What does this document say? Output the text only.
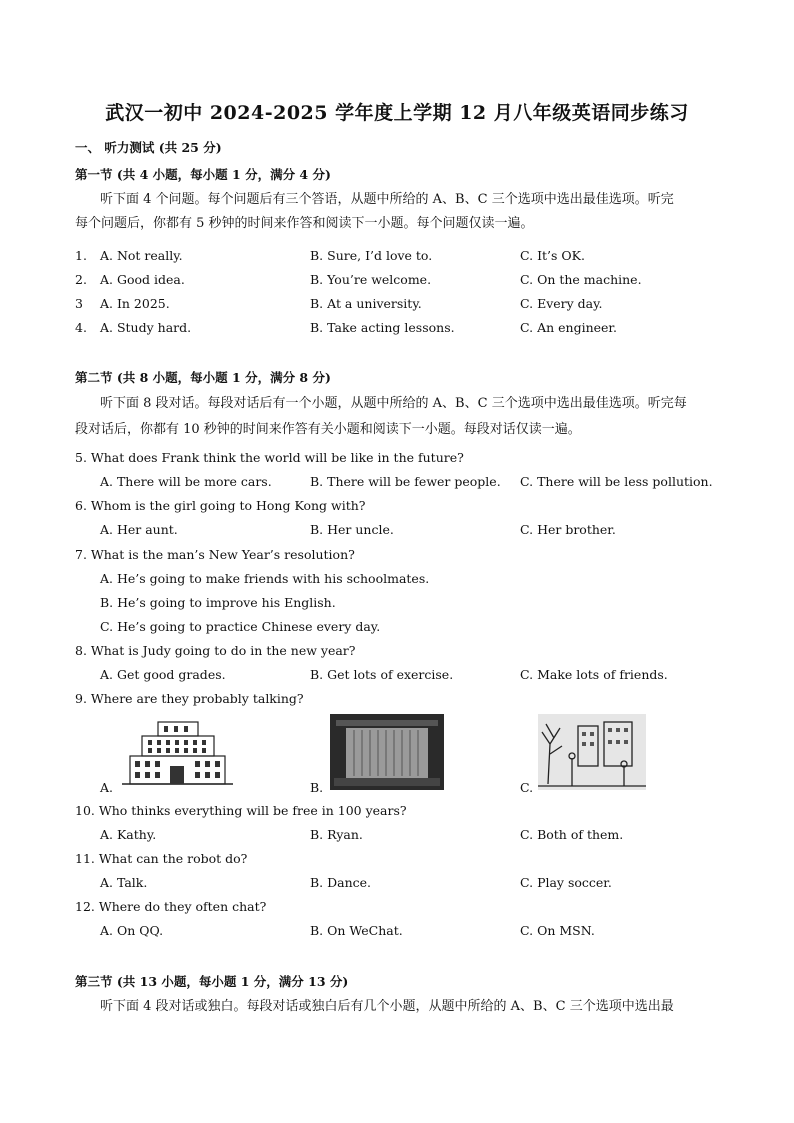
武汉一初中 2024-2025 学年度上学期 12 月八年级英语同步练习
一、 听力测试 (共 25 分)
第一节 (共 4 小题，每小题 1 分，满分 4 分)
听下面 4 个问题。每个问题后有三个答语，从题中所给的 A、B、C 三个选项中选出最佳选项。听完
每个问题后，你都有 5 秒钟的时间来作答和阅读下一小题。每个问题仅读一遍。
1. A. Not really.	B. Sure, I’d love to.	C. It’s OK.
2. A. Good idea.	B. You’re welcome.	C. On the machine.
3 A. In 2025.	B. At a university.	C. Every day.
4. A. Study hard.	B. Take acting lessons.	C. An engineer.
第二节 (共 8 小题，每小题 1 分，满分 8 分)
听下面 8 段对话。每段对话后有一个小题，从题中所给的 A、B、C 三个选项中选出最佳选项。听完每
段对话后，你都有 10 秒钟的时间来作答有关小题和阅读下一小题。每段对话仅读一遍。
5. What does Frank think the world will be like in the future?
A. There will be more cars.	B. There will be fewer people. C. There will be less pollution.
6. Whom is the girl going to Hong Kong with?
A. Her aunt.	B. Her uncle.	C. Her brother.
7. What is the man’s New Year’s resolution?
A. He’s going to make friends with his schoolmates.
B. He’s going to improve his English.
C. He’s going to practice Chinese every day.
8. What is Judy going to do in the new year?
A. Get good grades.	B. Get lots of exercise.	C. Make lots of friends.
9. Where are they probably talking?
A.	B.	C.
10. Who thinks everything will be free in 100 years?
A. Kathy.	B. Ryan.	C. Both of them.
11. What can the robot do?
A. Talk.	B. Dance.	C. Play soccer.
12. Where do they often chat?
A. On QQ.	B. On WeChat.	C. On MSN.
第三节 (共 13 小题，每小题 1 分，满分 13 分)
听下面 4 段对话或独白。每段对话或独白后有几个小题，从题中所给的 A、B、C 三个选项中选出最
